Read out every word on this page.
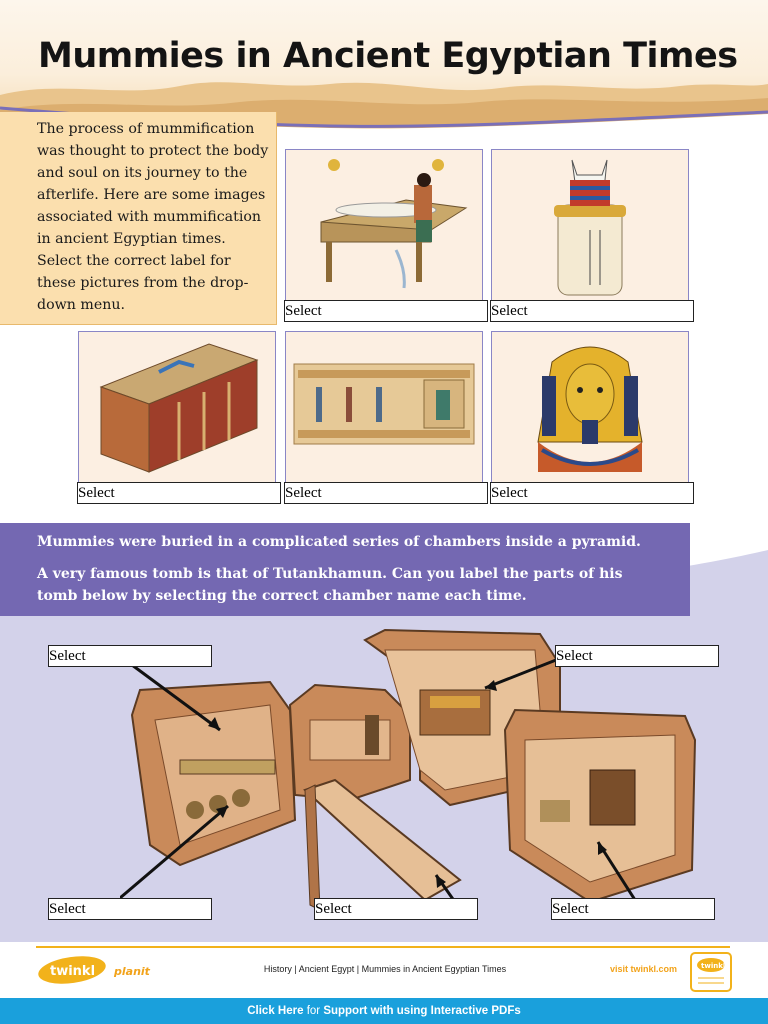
Mummies in Ancient Egyptian Times
The process of mummification was thought to protect the body and soul on its journey to the afterlife. Here are some images associated with mummification in ancient Egyptian times. Select the correct label for these pictures from the drop-down menu.	Select	Select
Select	Select	Select
Mummies were buried in a complicated series of chambers inside a pyramid.
A very famous tomb is that of Tutankhamun. Can you label the parts of his
tomb below by selecting the correct chamber name each time.
Select	Select
Select	Select	Select
twinkl planit	History | Ancient Egypt | Mummies in Ancient Egyptian Times	visit twinkl.com	twinkl
Click Here for Support with using Interactive PDFs
